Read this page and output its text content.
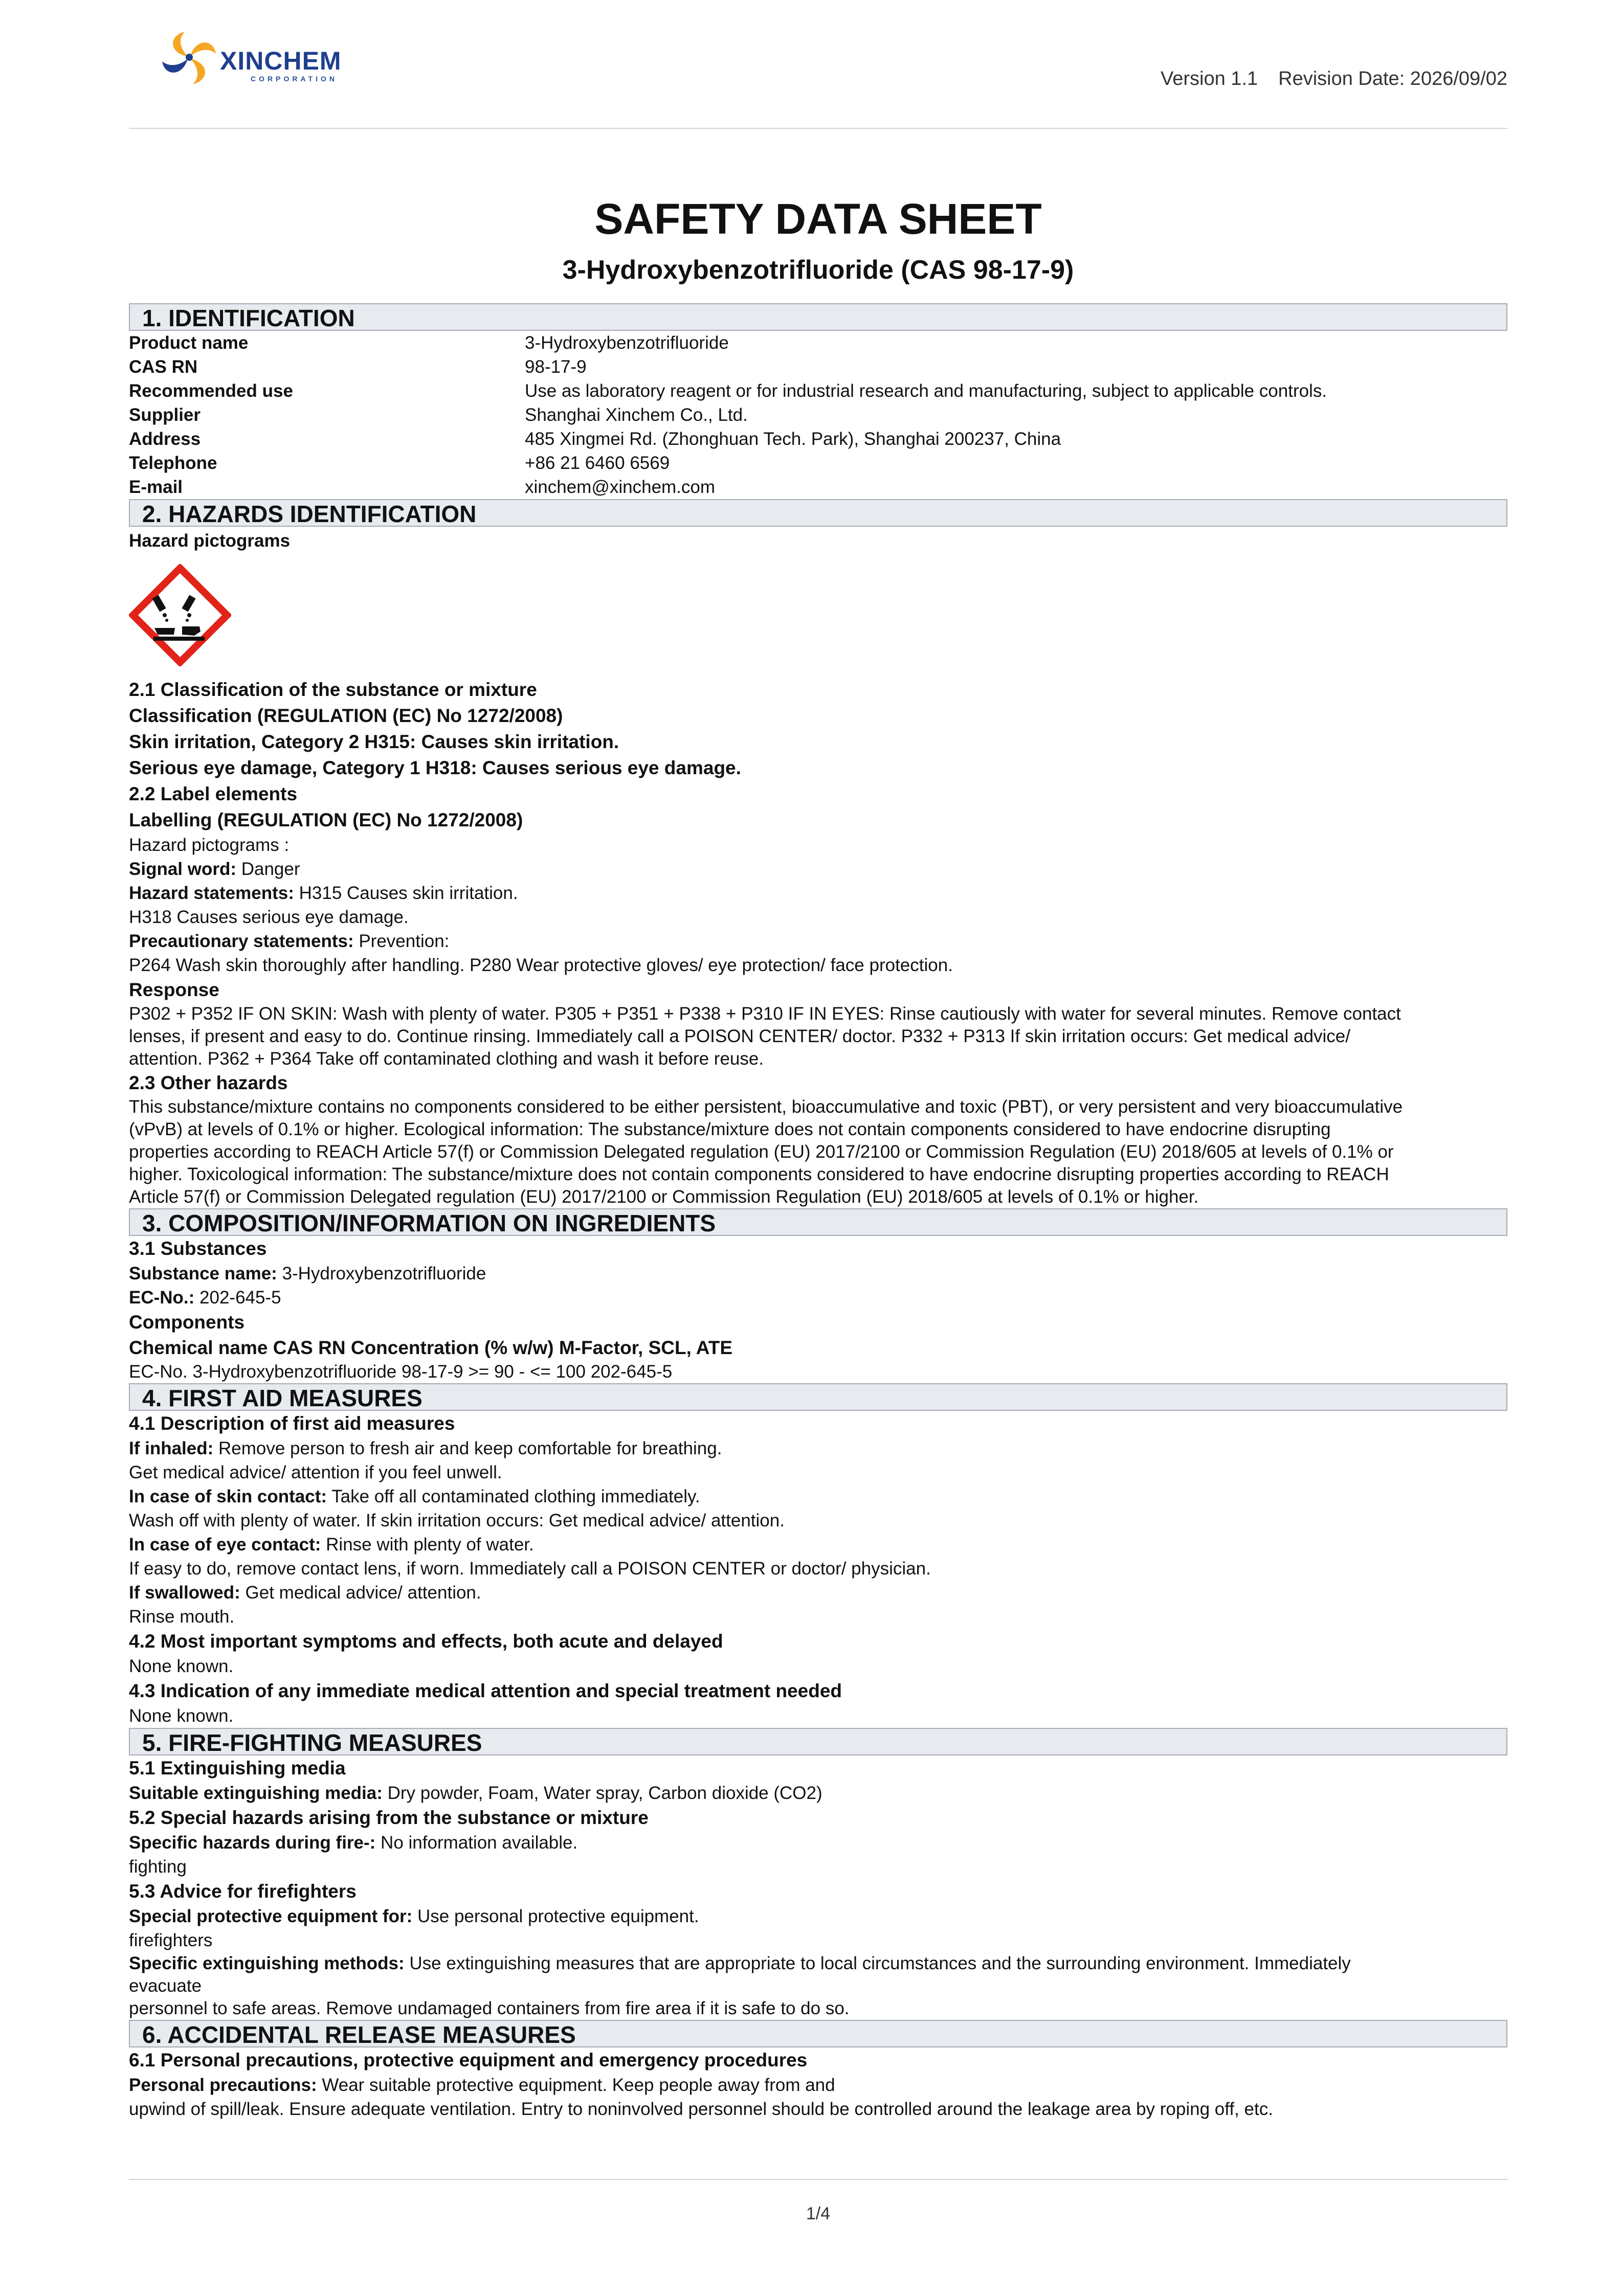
XINCHEM
CORPORATION	Version 1.1 Revision Date: 2026/09/02
SAFETY DATA SHEET
3-Hydroxybenzotrifluoride (CAS 98-17-9)
1. IDENTIFICATION
Product name	3-Hydroxybenzotrifluoride
CAS RN	98-17-9
Recommended use	Use as laboratory reagent or for industrial research and manufacturing, subject to applicable controls.
Supplier	Shanghai Xinchem Co., Ltd.
Address	485 Xingmei Rd. (Zhonghuan Tech. Park), Shanghai 200237, China
Telephone	+86 21 6460 6569
E-mail	xinchem@xinchem.com
2. HAZARDS IDENTIFICATION

Hazard pictograms

2.1 Classification of the substance or mixture

Classification (REGULATION (EC) No 1272/2008)

Skin irritation, Category 2 H315: Causes skin irritation.

Serious eye damage, Category 1 H318: Causes serious eye damage.

2.2 Label elements

Labelling (REGULATION (EC) No 1272/2008)

Hazard pictograms :

Signal word: Danger

Hazard statements: H315 Causes skin irritation.

H318 Causes serious eye damage.

Precautionary statements: Prevention:

P264 Wash skin thoroughly after handling. P280 Wear protective gloves/ eye protection/ face protection.

Response

P302 + P352 IF ON SKIN: Wash with plenty of water. P305 + P351 + P338 + P310 IF IN EYES: Rinse cautiously with water for several minutes. Remove contact

lenses, if present and easy to do. Continue rinsing. Immediately call a POISON CENTER/ doctor. P332 + P313 If skin irritation occurs: Get medical advice/

attention. P362 + P364 Take off contaminated clothing and wash it before reuse.

2.3 Other hazards

This substance/mixture contains no components considered to be either persistent, bioaccumulative and toxic (PBT), or very persistent and very bioaccumulative

(vPvB) at levels of 0.1% or higher. Ecological information: The substance/mixture does not contain components considered to have endocrine disrupting

properties according to REACH Article 57(f) or Commission Delegated regulation (EU) 2017/2100 or Commission Regulation (EU) 2018/605 at levels of 0.1% or

higher. Toxicological information: The substance/mixture does not contain components considered to have endocrine disrupting properties according to REACH

Article 57(f) or Commission Delegated regulation (EU) 2017/2100 or Commission Regulation (EU) 2018/605 at levels of 0.1% or higher.

3. COMPOSITION/INFORMATION ON INGREDIENTS

3.1 Substances

Substance name: 3-Hydroxybenzotrifluoride

EC-No.: 202-645-5

Components

Chemical name CAS RN Concentration (% w/w) M-Factor, SCL, ATE

EC-No. 3-Hydroxybenzotrifluoride 98-17-9 >= 90 - <= 100 202-645-5

4. FIRST AID MEASURES

4.1 Description of first aid measures

If inhaled: Remove person to fresh air and keep comfortable for breathing.

Get medical advice/ attention if you feel unwell.

In case of skin contact: Take off all contaminated clothing immediately.

Wash off with plenty of water. If skin irritation occurs: Get medical advice/ attention.

In case of eye contact: Rinse with plenty of water.

If easy to do, remove contact lens, if worn. Immediately call a POISON CENTER or doctor/ physician.

If swallowed: Get medical advice/ attention.

Rinse mouth.

4.2 Most important symptoms and effects, both acute and delayed

None known.

4.3 Indication of any immediate medical attention and special treatment needed

None known.

5. FIRE-FIGHTING MEASURES

5.1 Extinguishing media

Suitable extinguishing media: Dry powder, Foam, Water spray, Carbon dioxide (CO2)

5.2 Special hazards arising from the substance or mixture

Specific hazards during fire-: No information available.

fighting

5.3 Advice for firefighters

Special protective equipment for: Use personal protective equipment.

firefighters

Specific extinguishing methods: Use extinguishing measures that are appropriate to local circumstances and the surrounding environment. Immediately

evacuate

personnel to safe areas. Remove undamaged containers from fire area if it is safe to do so.

6. ACCIDENTAL RELEASE MEASURES

6.1 Personal precautions, protective equipment and emergency procedures

Personal precautions: Wear suitable protective equipment. Keep people away from and

upwind of spill/leak. Ensure adequate ventilation. Entry to noninvolved personnel should be controlled around the leakage area by roping off, etc.

1/4
